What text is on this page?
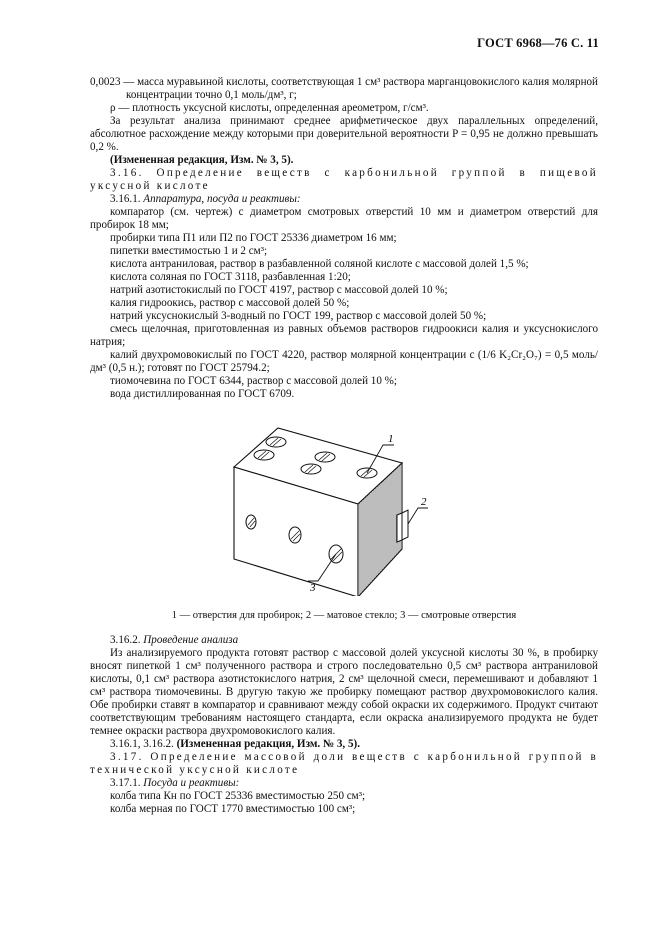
ГОСТ 6968—76 С. 11

0,0023 — масса муравьиной кислоты, соответствующая 1 см³ раствора марганцовокислого калия молярной концентрации точно 0,1 моль/дм³, г;

ρ — плотность уксусной кислоты, определенная ареометром, г/см³.

За результат анализа принимают среднее арифметическое двух параллельных определений, абсолютное расхождение между которыми при доверительной вероятности P = 0,95 не должно превышать 0,2 %.

(Измененная редакция, Изм. № 3, 5).

3.16. Определение веществ с карбонильной группой в пищевой уксусной кислоте

3.16.1. Аппаратура, посуда и реактивы:

компаратор (см. чертеж) с диаметром смотровых отверстий 10 мм и диаметром отверстий для пробирок 18 мм;

пробирки типа П1 или П2 по ГОСТ 25336 диаметром 16 мм;

пипетки вместимостью 1 и 2 см³;

кислота антраниловая, раствор в разбавленной соляной кислоте с массовой долей 1,5 %;

кислота соляная по ГОСТ 3118, разбавленная 1:20;

натрий азотистокислый по ГОСТ 4197, раствор с массовой долей 10 %;

калия гидроокись, раствор с массовой долей 50 %;

натрий уксуснокислый 3-водный по ГОСТ 199, раствор с массовой долей 50 %;

смесь щелочная, приготовленная из равных объемов растворов гидроокиси калия и уксуснокислого натрия;

калий двухромовокислый по ГОСТ 4220, раствор молярной концентрации с (1/6 K₂Cr₂O₇) = 0,5 моль/дм³ (0,5 н.); готовят по ГОСТ 25794.2;

тиомочевина по ГОСТ 6344, раствор с массовой долей 10 %;

вода дистиллированная по ГОСТ 6709.

1
2
3
1 — отверстия для пробирок; 2 — матовое стекло; 3 — смотровые отверстия

3.16.2. Проведение анализа

Из анализируемого продукта готовят раствор с массовой долей уксусной кислоты 30 %, в пробирку вносят пипеткой 1 см³ полученного раствора и строго последовательно 0,5 см³ раствора антраниловой кислоты, 0,1 см³ раствора азотистокислого натрия, 2 см³ щелочной смеси, перемешивают и добавляют 1 см³ раствора тиомочевины. В другую такую же пробирку помещают раствор двухромовокислого калия. Обе пробирки ставят в компаратор и сравнивают между собой окраски их содержимого. Продукт считают соответствующим требованиям настоящего стандарта, если окраска анализируемого продукта не будет темнее окраски раствора двухромовокислого калия.

3.16.1, 3.16.2. (Измененная редакция, Изм. № 3, 5).

3.17. Определение массовой доли веществ с карбонильной группой в технической уксусной кислоте

3.17.1. Посуда и реактивы:

колба типа Кн по ГОСТ 25336 вместимостью 250 см³;

колба мерная по ГОСТ 1770 вместимостью 100 см³;
